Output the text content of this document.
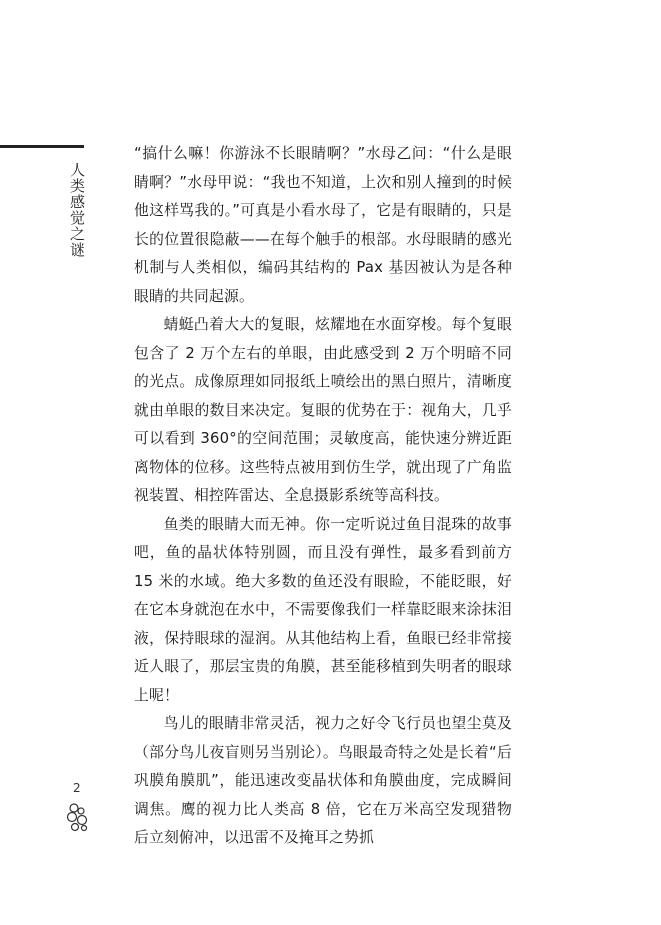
人类感觉之谜
2

“搞什么嘛！你游泳不长眼睛啊？”水母乙问：“什么是眼睛啊？”水母甲说：“我也不知道，上次和别人撞到的时候他这样骂我的。”可真是小看水母了，它是有眼睛的，只是长的位置很隐蔽——在每个触手的根部。水母眼睛的感光机制与人类相似，编码其结构的 Pax 基因被认为是各种眼睛的共同起源。

蜻蜓凸着大大的复眼，炫耀地在水面穿梭。每个复眼包含了 2 万个左右的单眼，由此感受到 2 万个明暗不同的光点。成像原理如同报纸上喷绘出的黑白照片，清晰度就由单眼的数目来决定。复眼的优势在于：视角大，几乎可以看到 360°的空间范围；灵敏度高，能快速分辨近距离物体的位移。这些特点被用到仿生学，就出现了广角监视装置、相控阵雷达、全息摄影系统等高科技。

鱼类的眼睛大而无神。你一定听说过鱼目混珠的故事吧，鱼的晶状体特别圆，而且没有弹性，最多看到前方 15 米的水域。绝大多数的鱼还没有眼睑，不能眨眼，好在它本身就泡在水中，不需要像我们一样靠眨眼来涂抹泪液，保持眼球的湿润。从其他结构上看，鱼眼已经非常接近人眼了，那层宝贵的角膜，甚至能移植到失明者的眼球上呢！

鸟儿的眼睛非常灵活，视力之好令飞行员也望尘莫及（部分鸟儿夜盲则另当别论）。鸟眼最奇特之处是长着“后巩膜角膜肌”，能迅速改变晶状体和角膜曲度，完成瞬间调焦。鹰的视力比人类高 8 倍，它在万米高空发现猎物后立刻俯冲，以迅雷不及掩耳之势抓
